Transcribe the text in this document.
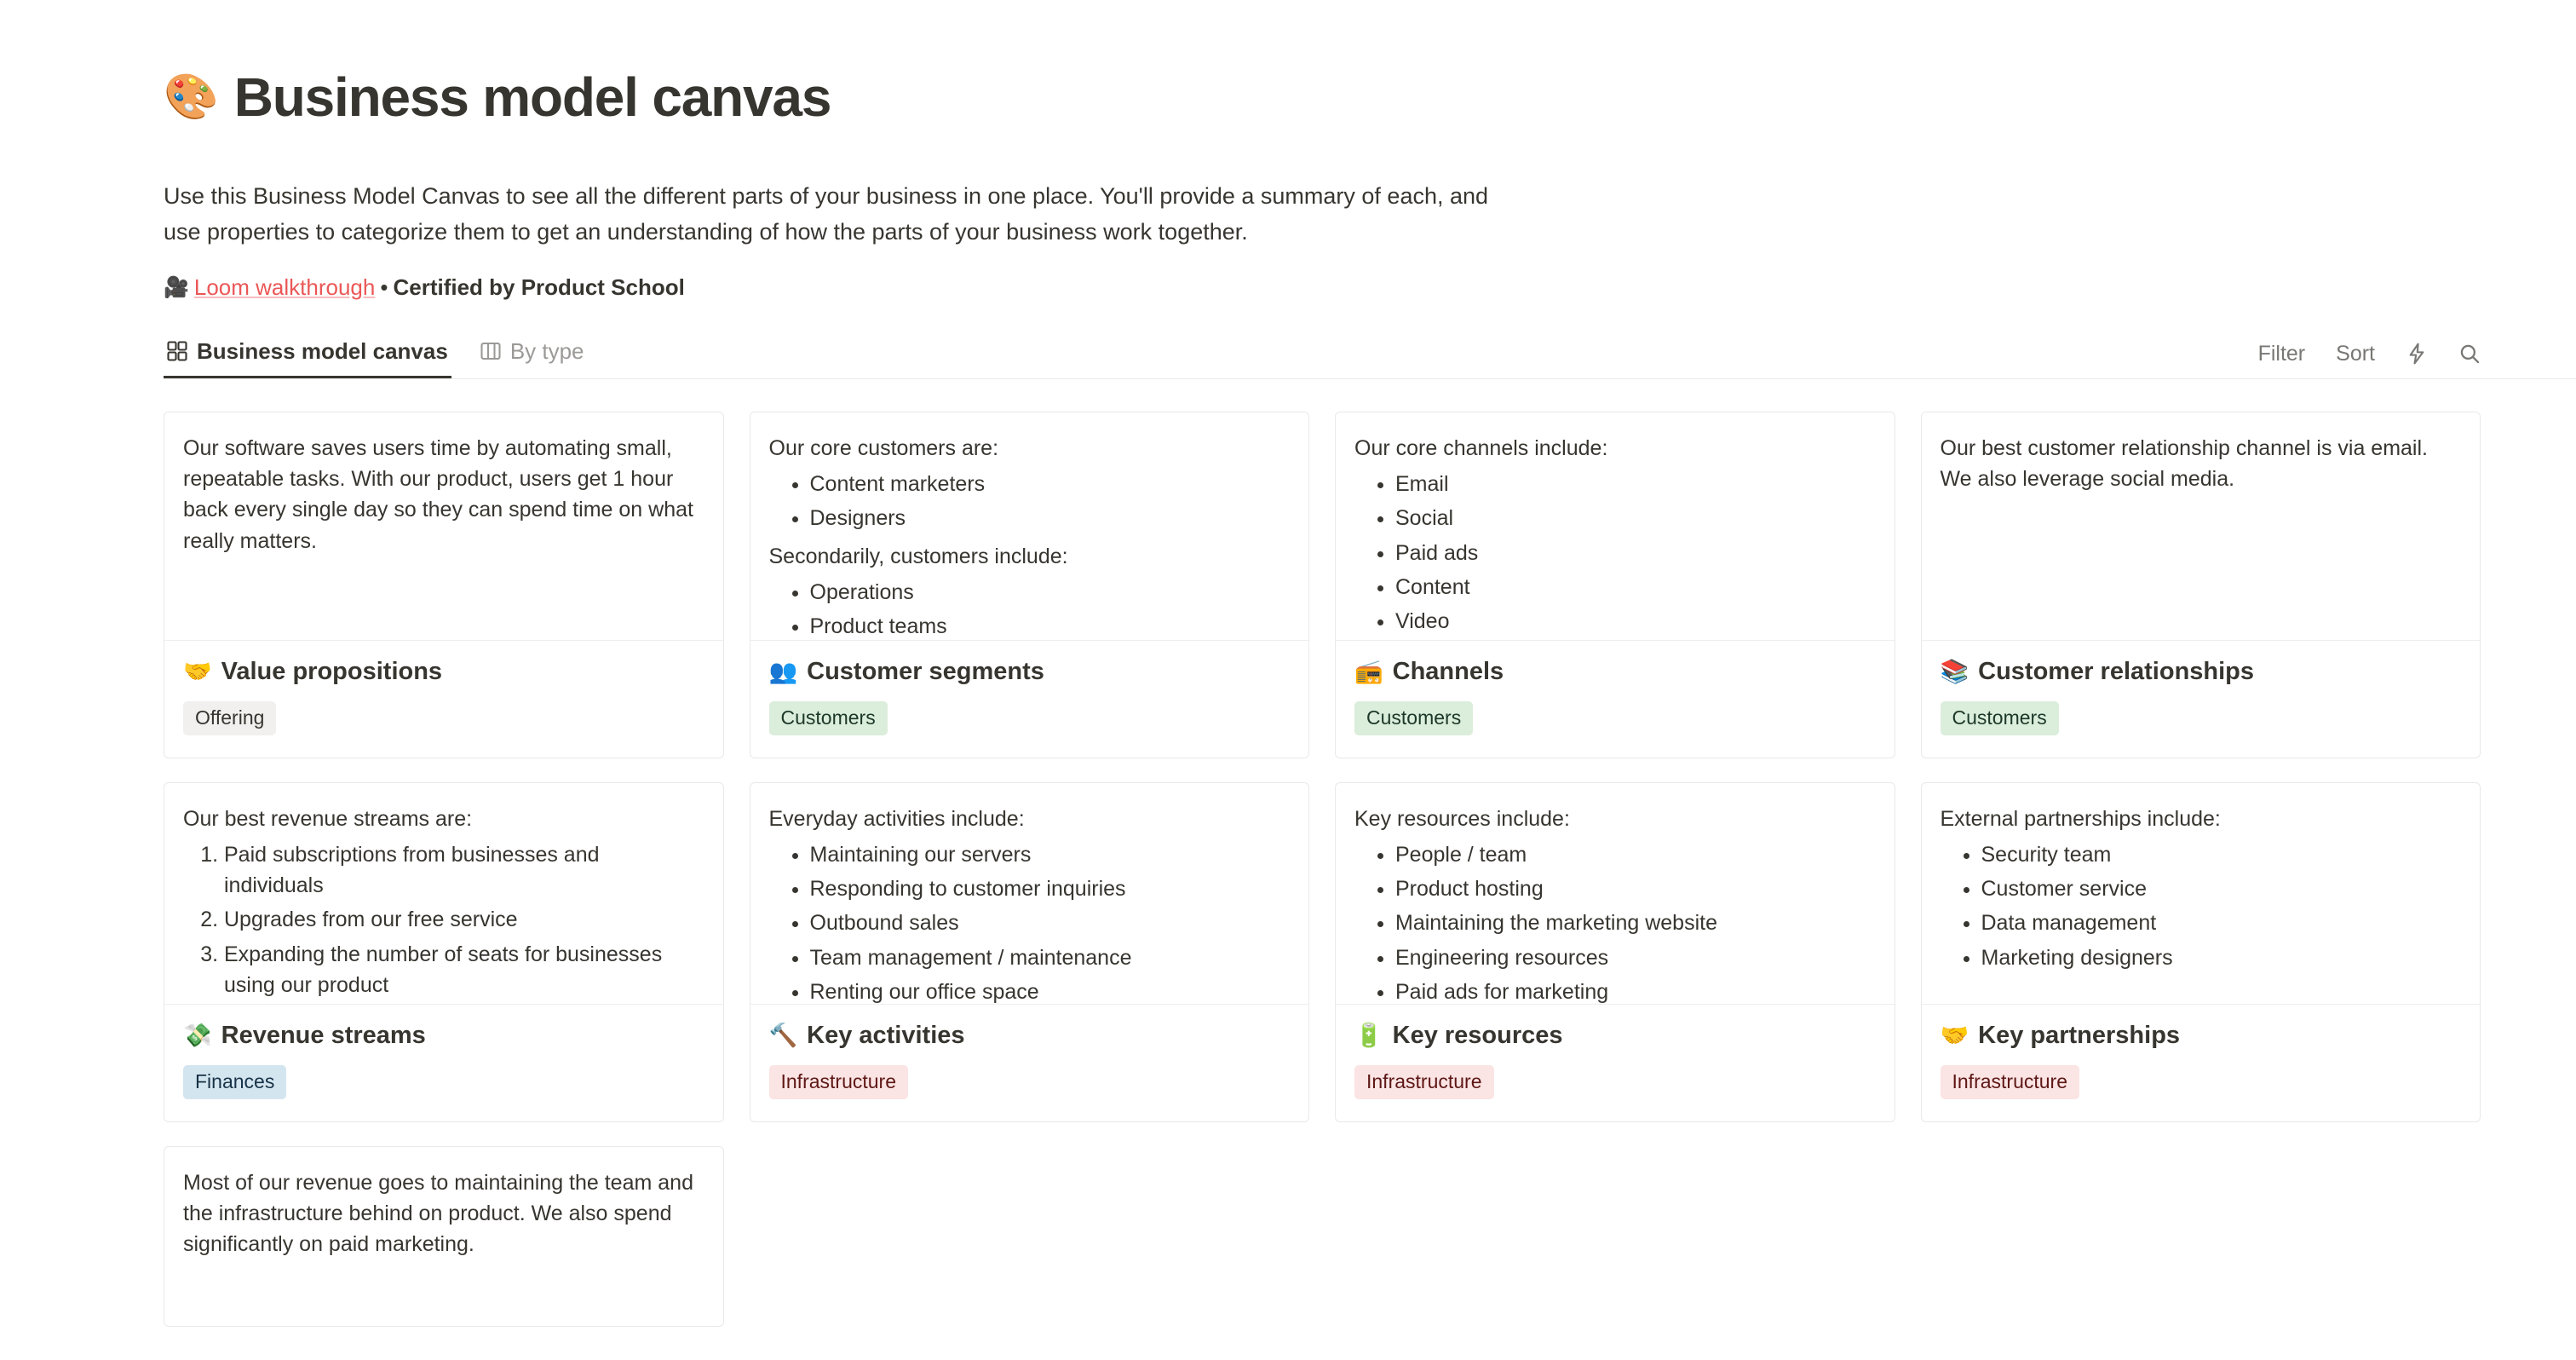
🎨 Business model canvas
Use this Business Model Canvas to see all the different parts of your business in one place. You'll provide a summary of each, and use properties to categorize them to get an understanding of how the parts of your business work together.
🎥 Loom walkthrough • Certified by Product School
Business model canvas	By type	Filter Sort

Our software saves users time by automating small, repeatable tasks. With our product, users get 1 hour back every single day so they can spend time on what really matters.

🤝 Value propositions
Offering

Our core customers are:

• Content marketers
• Designers

Secondarily, customers include:

• Operations
• Product teams
👥 Customer segments
Customers

Our core channels include:

• Email
• Social
• Paid ads
• Content
• Video
📻 Channels
Customers

Our best customer relationship channel is via email. We also leverage social media.

📚 Customer relationships
Customers

Our best revenue streams are:

1. Paid subscriptions from businesses and individuals
2. Upgrades from our free service
3. Expanding the number of seats for businesses using our product
💸 Revenue streams
Finances

Everyday activities include:

• Maintaining our servers
• Responding to customer inquiries
• Outbound sales
• Team management / maintenance
• Renting our office space
🔨 Key activities
Infrastructure

Key resources include:

• People / team
• Product hosting
• Maintaining the marketing website
• Engineering resources
• Paid ads for marketing
🔋 Key resources
Infrastructure

External partnerships include:

• Security team
• Customer service
• Data management
• Marketing designers
🤝 Key partnerships
Infrastructure

Most of our revenue goes to maintaining the team and the infrastructure behind on product. We also spend significantly on paid marketing.
